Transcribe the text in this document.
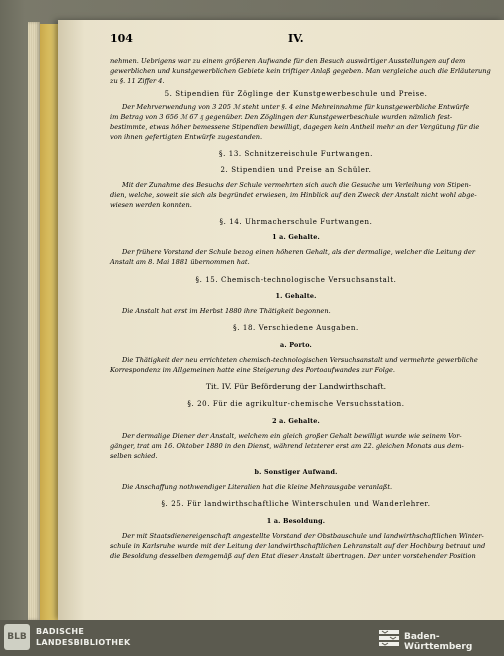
104	IV.
nehmen. Uebrigens war zu einem größeren Aufwande für den Besuch auswärtiger Ausstellungen auf dem
gewerblichen und kunstgewerblichen Gebiete kein triftiger Anlaß gegeben. Man vergleiche auch die Erläuterung
zu §. 11 Ziffer 4.
5. Stipendien für Zöglinge der Kunstgewerbeschule und Preise.
Der Mehrverwendung von 3 205 ℳ steht unter §. 4 eine Mehreinnahme für kunstgewerbliche Entwürfe
im Betrag von 3 656 ℳ 67 ₰ gegenüber. Den Zöglingen der Kunstgewerbeschule wurden nämlich fest-
bestimmte, etwas höher bemessene Stipendien bewilligt, dagegen kein Antheil mehr an der Vergütung für die
von ihnen gefertigten Entwürfe zugestanden.
§. 13. Schnitzereischule Furtwangen.
2. Stipendien und Preise an Schüler.
Mit der Zunahme des Besuchs der Schule vermehrten sich auch die Gesuche um Verleihung von Stipen-
dien, welche, soweit sie sich als begründet erwiesen, im Hinblick auf den Zweck der Anstalt nicht wohl abge-
wiesen werden konnten.
§. 14. Uhrmacherschule Furtwangen.
1 a. Gehalte.
Der frühere Vorstand der Schule bezog einen höheren Gehalt, als der dermalige, welcher die Leitung der
Anstalt am 8. Mai 1881 übernommen hat.
§. 15. Chemisch-technologische Versuchsanstalt.
1. Gehalte.
Die Anstalt hat erst im Herbst 1880 ihre Thätigkeit begonnen.
§. 18. Verschiedene Ausgaben.
a. Porto.
Die Thätigkeit der neu errichteten chemisch-technologischen Versuchsanstalt und vermehrte gewerbliche
Korrespondenz im Allgemeinen hatte eine Steigerung des Portoaufwandes zur Folge.
Tit. IV. Für Beförderung der Landwirthschaft.
§. 20. Für die agrikultur-chemische Versuchsstation.
2 a. Gehalte.
Der dermalige Diener der Anstalt, welchem ein gleich großer Gehalt bewilligt wurde wie seinem Vor-
gänger, trat am 16. Oktober 1880 in den Dienst, während letzterer erst am 22. gleichen Monats aus dem-
selben schied.
b. Sonstiger Aufwand.
Die Anschaffung nothwendiger Literalien hat die kleine Mehrausgabe veranlaßt.
§. 25. Für landwirthschaftliche Winterschulen und Wanderlehrer.
1 a. Besoldung.
Der mit Staatsdienereigenschaft angestellte Vorstand der Obstbauschule und landwirthschaftlichen Winter-
schule in Karlsruhe wurde mit der Leitung der landwirthschaftlichen Lehranstalt auf der Hochburg betraut und
die Besoldung desselben demgemäß auf den Etat dieser Anstalt übertragen. Der unter vorstehender Position
BLB
BADISCHE
LANDESBIBLIOTHEK
Baden-Württemberg
